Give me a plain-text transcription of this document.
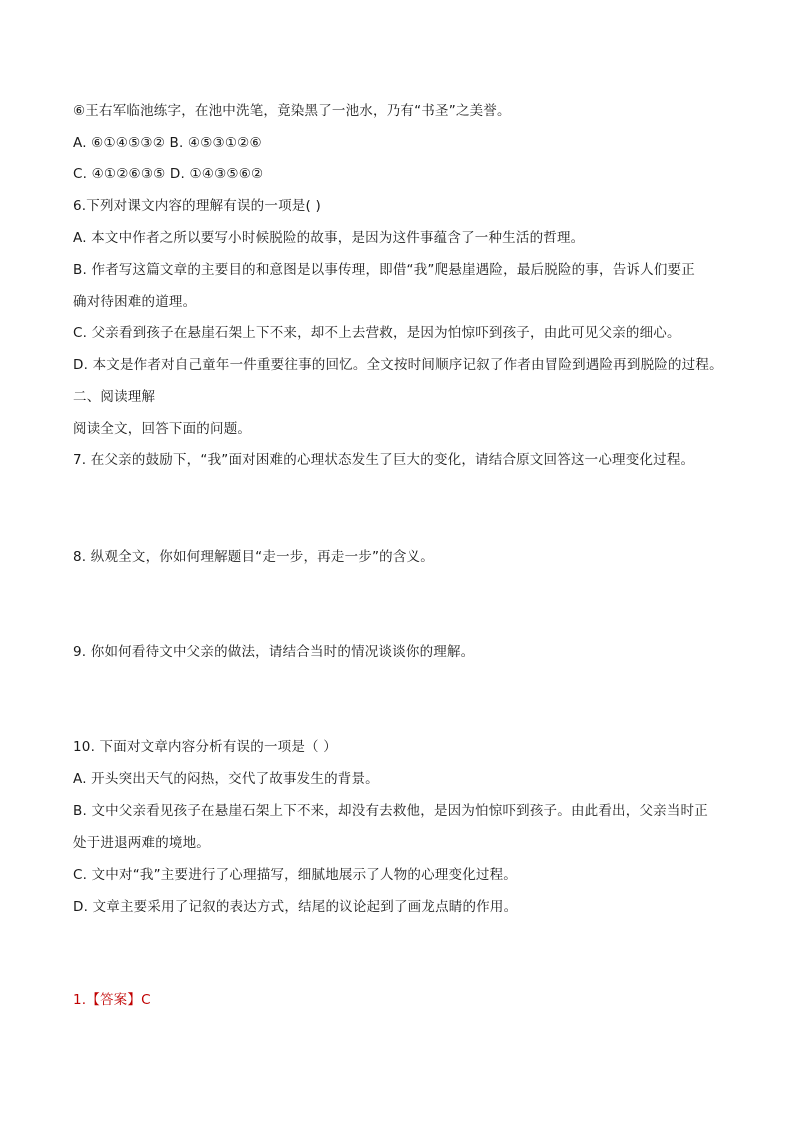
⑥王右军临池练字，在池中洗笔，竟染黑了一池水，乃有“书圣”之美誉。
A. ⑥①④⑤③② B. ④⑤③①②⑥
C. ④①②⑥③⑤ D. ①④③⑤⑥②
6.下列对课文内容的理解有误的一项是( )
A. 本文中作者之所以要写小时候脱险的故事，是因为这件事蕴含了一种生活的哲理。
B. 作者写这篇文章的主要目的和意图是以事传理，即借“我”爬悬崖遇险，最后脱险的事，告诉人们要正
确对待困难的道理。
C. 父亲看到孩子在悬崖石架上下不来，却不上去营救，是因为怕惊吓到孩子，由此可见父亲的细心。
D. 本文是作者对自己童年一件重要往事的回忆。全文按时间顺序记叙了作者由冒险到遇险再到脱险的过程。
二、阅读理解
阅读全文，回答下面的问题。
7. 在父亲的鼓励下，“我”面对困难的心理状态发生了巨大的变化，请结合原文回答这一心理变化过程。
8. 纵观全文，你如何理解题目“走一步，再走一步”的含义。
9. 你如何看待文中父亲的做法，请结合当时的情况谈谈你的理解。
10. 下面对文章内容分析有误的一项是（ ）
A. 开头突出天气的闷热，交代了故事发生的背景。
B. 文中父亲看见孩子在悬崖石架上下不来，却没有去救他，是因为怕惊吓到孩子。由此看出，父亲当时正
处于进退两难的境地。
C. 文中对“我”主要进行了心理描写，细腻地展示了人物的心理变化过程。
D. 文章主要采用了记叙的表达方式，结尾的议论起到了画龙点睛的作用。
1.【答案】C
